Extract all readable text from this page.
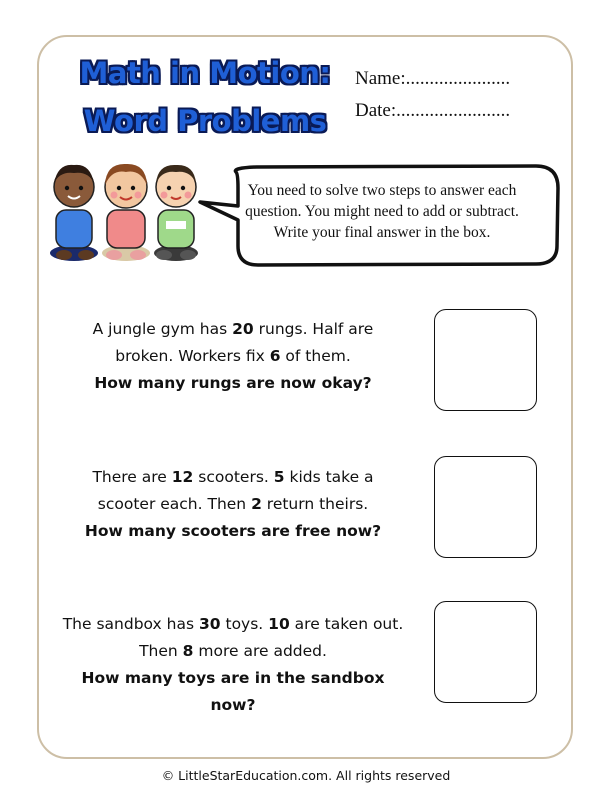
Math in Motion:
Word Problems
Name:......................
Date:........................
You need to solve two steps to answer each
question. You might need to add or subtract.
Write your final answer in the box.
A jungle gym has 20 rungs. Half are broken. Workers fix 6 of them.
How many rungs are now okay?
There are 12 scooters. 5 kids take a scooter each. Then 2 return theirs.
How many scooters are free now?
The sandbox has 30 toys. 10 are taken out. Then 8 more are added.
How many toys are in the sandbox now?
© LittleStarEducation.com. All rights reserved
